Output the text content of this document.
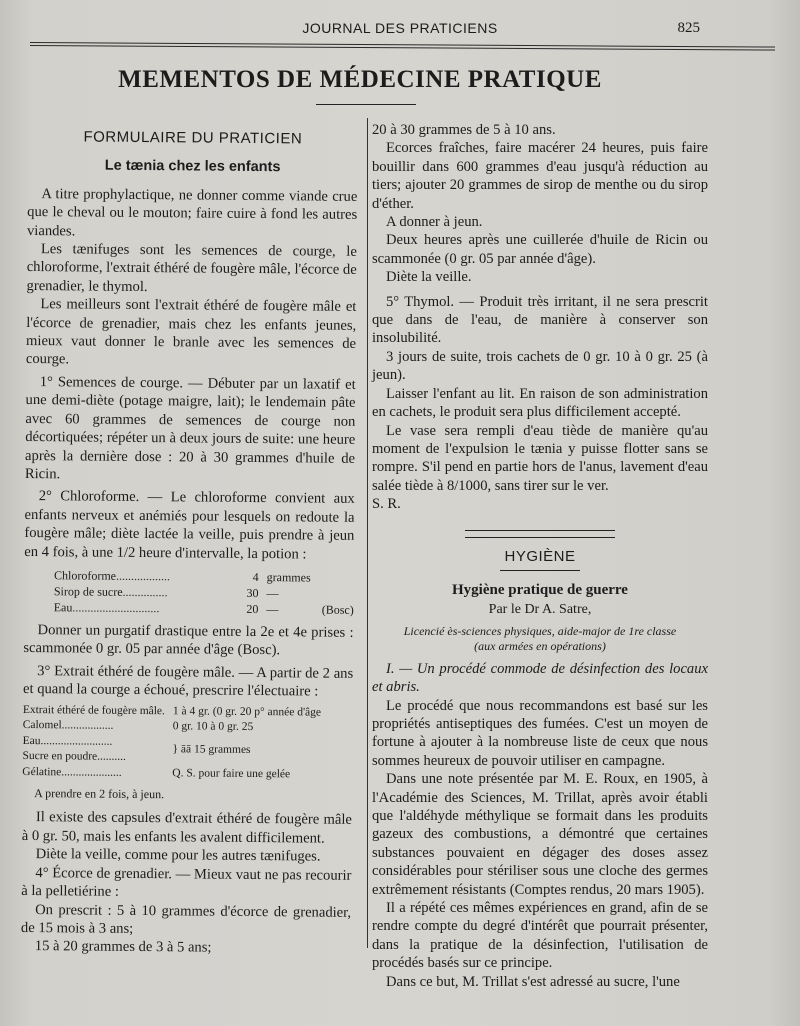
JOURNAL DES PRATICIENS	825
MEMENTOS DE MÉDECINE PRATIQUE
FORMULAIRE DU PRATICIEN
Le tænia chez les enfants

A titre prophylactique, ne donner comme viande crue que le cheval ou le mouton; faire cuire à fond les autres viandes.

Les tænifuges sont les semences de courge, le chloroforme, l'extrait éthéré de fougère mâle, l'écorce de grenadier, le thymol.

Les meilleurs sont l'extrait éthéré de fougère mâle et l'écorce de grenadier, mais chez les enfants jeunes, mieux vaut donner le branle avec les semences de courge.

1° Semences de courge. — Débuter par un laxatif et une demi-diète (potage maigre, lait); le lendemain pâte avec 60 grammes de semences de courge non décortiquées; répéter un à deux jours de suite: une heure après la dernière dose : 20 à 30 grammes d'huile de Ricin.

2° Chloroforme. — Le chloroforme convient aux enfants nerveux et anémiés pour lesquels on redoute la fougère mâle; diète lactée la veille, puis prendre à jeun en 4 fois, à une 1/2 heure d'intervalle, la potion :

Chloroforme..................	4	grammes	
Sirop de sucre...............	30	—	
Eau.............................	20	—	(Bosc)

Donner un purgatif drastique entre la 2e et 4e prises : scammonée 0 gr. 05 par année d'âge (Bosc).

3° Extrait éthéré de fougère mâle. — A partir de 2 ans et quand la courge a échoué, prescrire l'électuaire :

Extrait éthéré de fougère mâle.	1 à 4 gr. (0 gr. 20 p° année d'âge
Calomel..................	0 gr. 10 à 0 gr. 25
Eau.........................	} āā 15 grammes
Sucre en poudre..........	
Gélatine.....................	Q. S. pour faire une gelée
A prendre en 2 fois, à jeun.

Il existe des capsules d'extrait éthéré de fougère mâle à 0 gr. 50, mais les enfants les avalent difficilement.

Diète la veille, comme pour les autres tænifuges.

4° Écorce de grenadier. — Mieux vaut ne pas recourir à la pelletiérine :

On prescrit : 5 à 10 grammes d'écorce de grenadier, de 15 mois à 3 ans;

15 à 20 grammes de 3 à 5 ans;

20 à 30 grammes de 5 à 10 ans.

Ecorces fraîches, faire macérer 24 heures, puis faire bouillir dans 600 grammes d'eau jusqu'à réduction au tiers; ajouter 20 grammes de sirop de menthe ou du sirop d'éther.

A donner à jeun.

Deux heures après une cuillerée d'huile de Ricin ou scammonée (0 gr. 05 par année d'âge).

Diète la veille.

5° Thymol. — Produit très irritant, il ne sera prescrit que dans de l'eau, de manière à conserver son insolubilité.

3 jours de suite, trois cachets de 0 gr. 10 à 0 gr. 25 (à jeun).

Laisser l'enfant au lit. En raison de son administration en cachets, le produit sera plus difficilement accepté.

Le vase sera rempli d'eau tiède de manière qu'au moment de l'expulsion le tænia y puisse flotter sans se rompre. S'il pend en partie hors de l'anus, lavement d'eau salée tiède à 8/1000, sans tirer sur le ver.

S. R.

HYGIÈNE
Hygiène pratique de guerre
Par le Dr A. Satre,
Licencié ès-sciences physiques, aide-major de 1re classe
(aux armées en opérations)

I. — Un procédé commode de désinfection des locaux et abris.

Le procédé que nous recommandons est basé sur les propriétés antiseptiques des fumées. C'est un moyen de fortune à ajouter à la nombreuse liste de ceux que nous sommes heureux de pouvoir utiliser en campagne.

Dans une note présentée par M. E. Roux, en 1905, à l'Académie des Sciences, M. Trillat, après avoir établi que l'aldéhyde méthylique se formait dans les produits gazeux des combustions, a démontré que certaines substances pouvaient en dégager des doses assez considérables pour stériliser sous une cloche des germes extrêmement résistants (Comptes rendus, 20 mars 1905).

Il a répété ces mêmes expériences en grand, afin de se rendre compte du degré d'intérêt que pourrait présenter, dans la pratique de la désinfection, l'utilisation de procédés basés sur ce principe.

Dans ce but, M. Trillat s'est adressé au sucre, l'une
